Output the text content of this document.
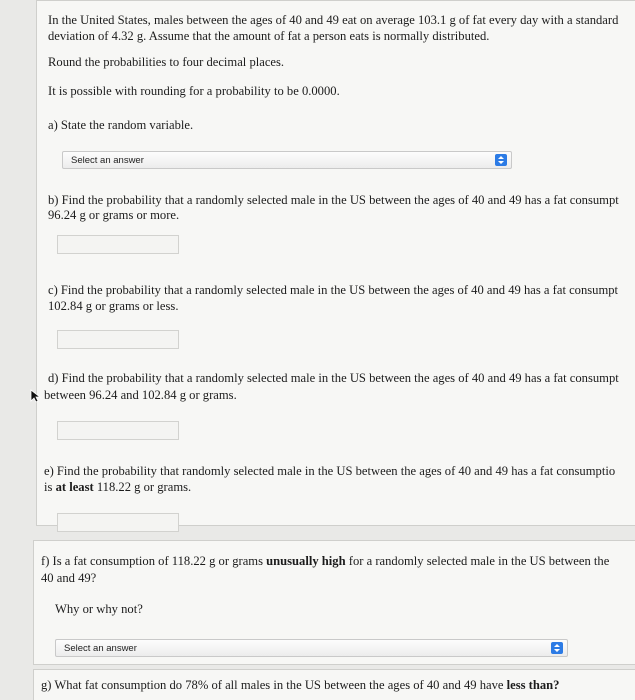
In the United States, males between the ages of 40 and 49 eat on average 103.1 g of fat every day with a standard
deviation of 4.32 g. Assume that the amount of fat a person eats is normally distributed.
Round the probabilities to four decimal places.
It is possible with rounding for a probability to be 0.0000.
a) State the random variable.
Select an answer
b) Find the probability that a randomly selected male in the US between the ages of 40 and 49 has a fat consumpt
96.24 g or grams or more.
c) Find the probability that a randomly selected male in the US between the ages of 40 and 49 has a fat consumpt
102.84 g or grams or less.
d) Find the probability that a randomly selected male in the US between the ages of 40 and 49 has a fat consumpt
between 96.24 and 102.84 g or grams.
e) Find the probability that randomly selected male in the US between the ages of 40 and 49 has a fat consumptio
is at least 118.22 g or grams.
f) Is a fat consumption of 118.22 g or grams unusually high for a randomly selected male in the US between the
40 and 49?
Why or why not?
Select an answer
g) What fat consumption do 78% of all males in the US between the ages of 40 and 49 have less than?
